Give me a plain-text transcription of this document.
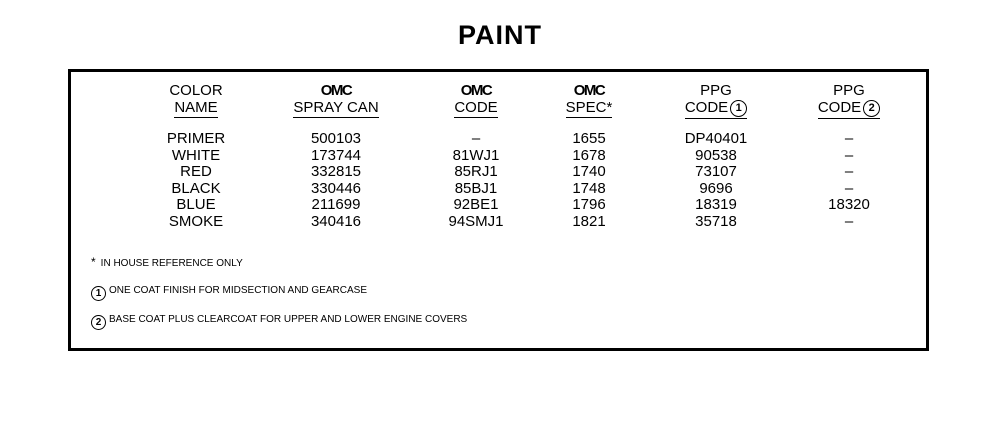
PAINT
COLOR
NAME
PRIMER
WHITE
RED
BLACK
BLUE
SMOKE
OMC
SPRAY CAN
500103
173744
332815
330446
211699
340416
OMC
CODE
–
81WJ1
85RJ1
85BJ1
92BE1
94SMJ1
OMC
SPEC*
1655
1678
1740
1748
1796
1821
PPG
CODE 1
DP40401
90538
73107
9696
18319
35718
PPG
CODE 2
–
–
–
–
18320
–
* IN HOUSE REFERENCE ONLY
1 ONE COAT FINISH FOR MIDSECTION AND GEARCASE
2 BASE COAT PLUS CLEARCOAT FOR UPPER AND LOWER ENGINE COVERS
